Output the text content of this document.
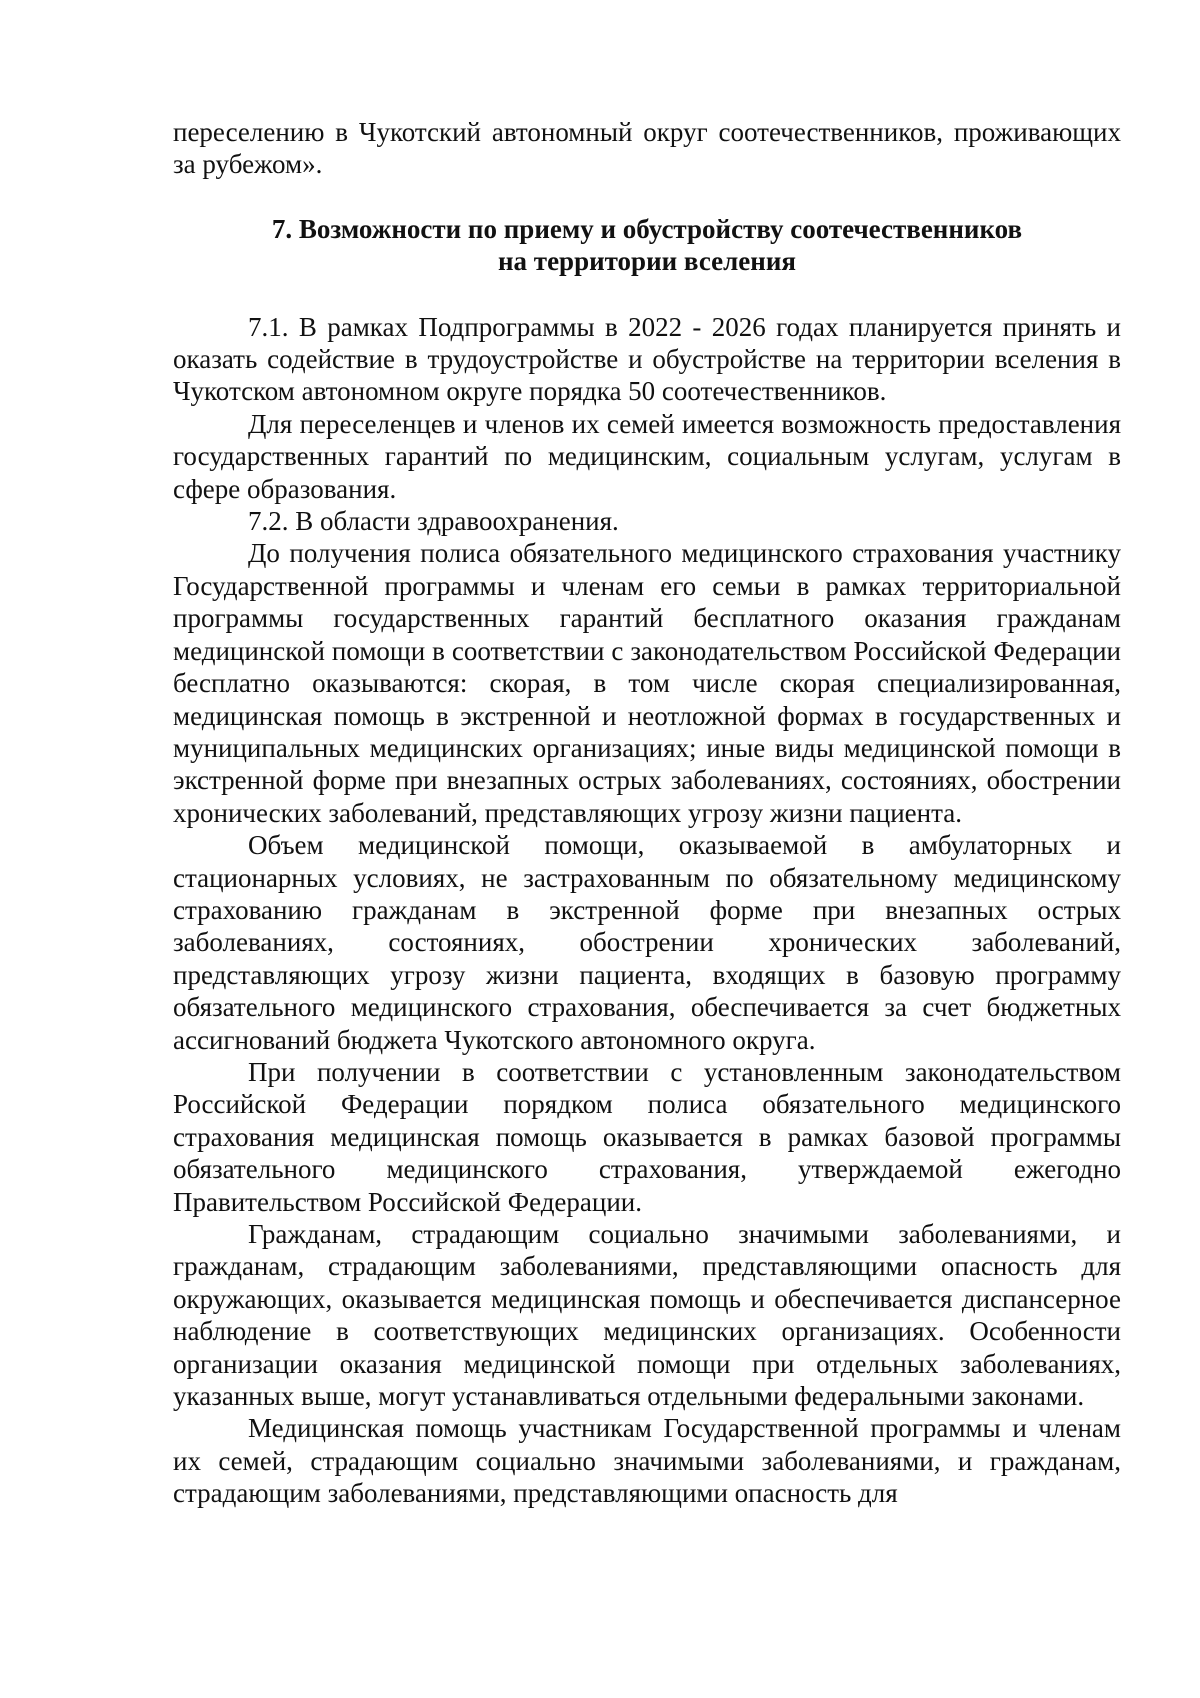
переселению в Чукотский автономный округ соотечественников, проживающих за рубежом».

7. Возможности по приему и обустройству соотечественников
на территории вселения

7.1. В рамках Подпрограммы в 2022 - 2026 годах планируется принять и оказать содействие в трудоустройстве и обустройстве на территории вселения в Чукотском автономном округе порядка 50 соотечественников.

Для переселенцев и членов их семей имеется возможность предоставления государственных гарантий по медицинским, социальным услугам, услугам в сфере образования.

7.2. В области здравоохранения.

До получения полиса обязательного медицинского страхования участнику Государственной программы и членам его семьи в рамках территориальной программы государственных гарантий бесплатного оказания гражданам медицинской помощи в соответствии с законодательством Российской Федерации бесплатно оказываются: скорая, в том числе скорая специализированная, медицинская помощь в экстренной и неотложной формах в государственных и муниципальных медицинских организациях; иные виды медицинской помощи в экстренной форме при внезапных острых заболеваниях, состояниях, обострении хронических заболеваний, представляющих угрозу жизни пациента.

Объем медицинской помощи, оказываемой в амбулаторных и стационарных условиях, не застрахованным по обязательному медицинскому страхованию гражданам в экстренной форме при внезапных острых заболеваниях, состояниях, обострении хронических заболеваний, представляющих угрозу жизни пациента, входящих в базовую программу обязательного медицинского страхования, обеспечивается за счет бюджетных ассигнований бюджета Чукотского автономного округа.

При получении в соответствии с установленным законодательством Российской Федерации порядком полиса обязательного медицинского страхования медицинская помощь оказывается в рамках базовой программы обязательного медицинского страхования, утверждаемой ежегодно Правительством Российской Федерации.

Гражданам, страдающим социально значимыми заболеваниями, и гражданам, страдающим заболеваниями, представляющими опасность для окружающих, оказывается медицинская помощь и обеспечивается диспансерное наблюдение в соответствующих медицинских организациях. Особенности организации оказания медицинской помощи при отдельных заболеваниях, указанных выше, могут устанавливаться отдельными федеральными законами.

Медицинская помощь участникам Государственной программы и членам их семей, страдающим социально значимыми заболеваниями, и гражданам, страдающим заболеваниями, представляющими опасность для
